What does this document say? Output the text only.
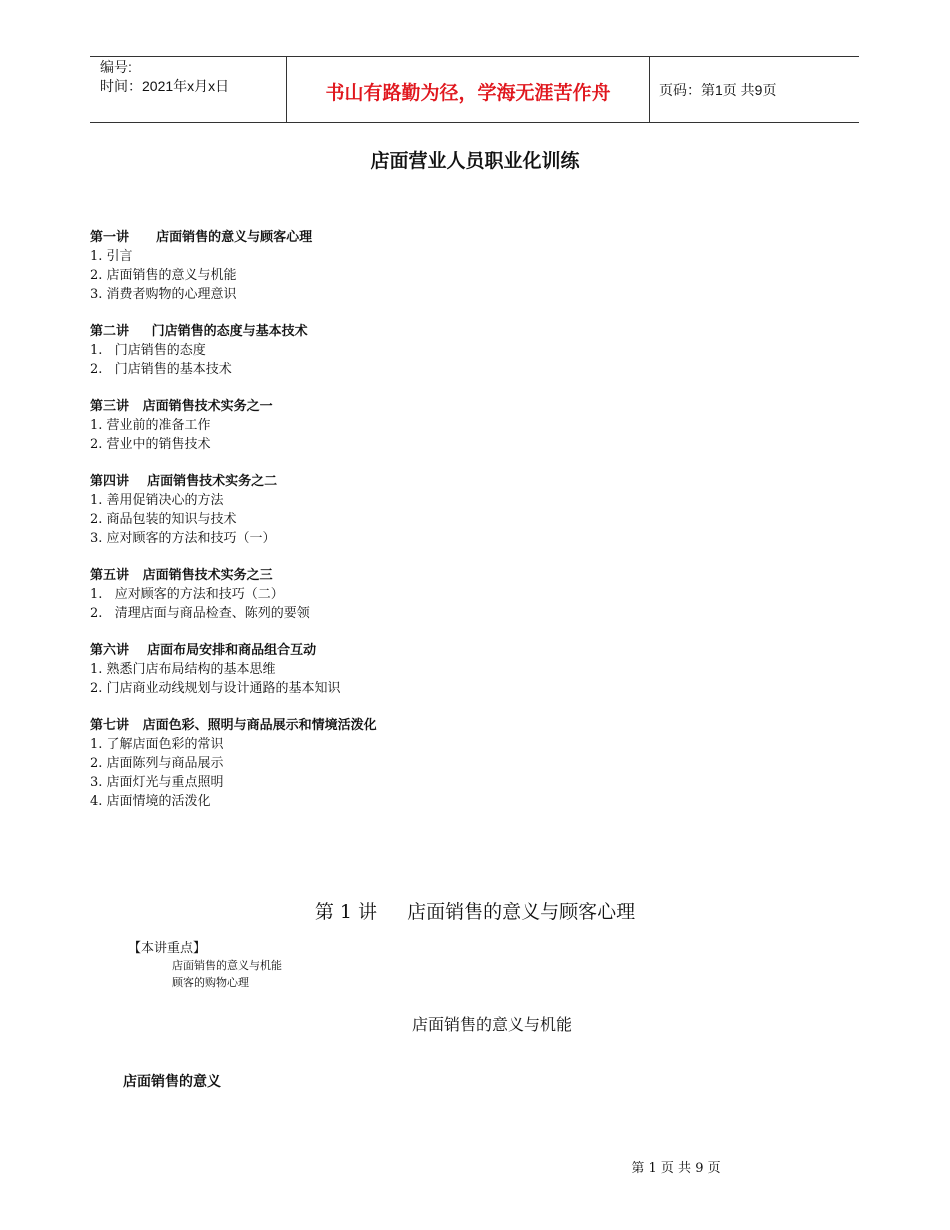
编号:
时间：2021年x月x日	书山有路勤为径，学海无涯苦作舟	页码：第1页 共9页
店面营业人员职业化训练
第一讲      店面销售的意义与顾客心理
1. 引言
2. 店面销售的意义与机能
3. 消费者购物的心理意识
第二讲     门店销售的态度与基本技术
1.   门店销售的态度
2.   门店销售的基本技术
第三讲   店面销售技术实务之一
1. 营业前的准备工作
2. 营业中的销售技术
第四讲    店面销售技术实务之二
1. 善用促销决心的方法
2. 商品包装的知识与技术
3. 应对顾客的方法和技巧（一）
第五讲   店面销售技术实务之三
1.   应对顾客的方法和技巧（二）
2.   清理店面与商品检查、陈列的要领
第六讲    店面布局安排和商品组合互动
1. 熟悉门店布局结构的基本思维
2. 门店商业动线规划与设计通路的基本知识
第七讲   店面色彩、照明与商品展示和情境活泼化
1. 了解店面色彩的常识
2. 店面陈列与商品展示
3. 店面灯光与重点照明
4. 店面情境的活泼化
第 1 讲     店面销售的意义与顾客心理
【本讲重点】
店面销售的意义与机能
顾客的购物心理
店面销售的意义与机能
店面销售的意义
第 1 页 共 9 页
